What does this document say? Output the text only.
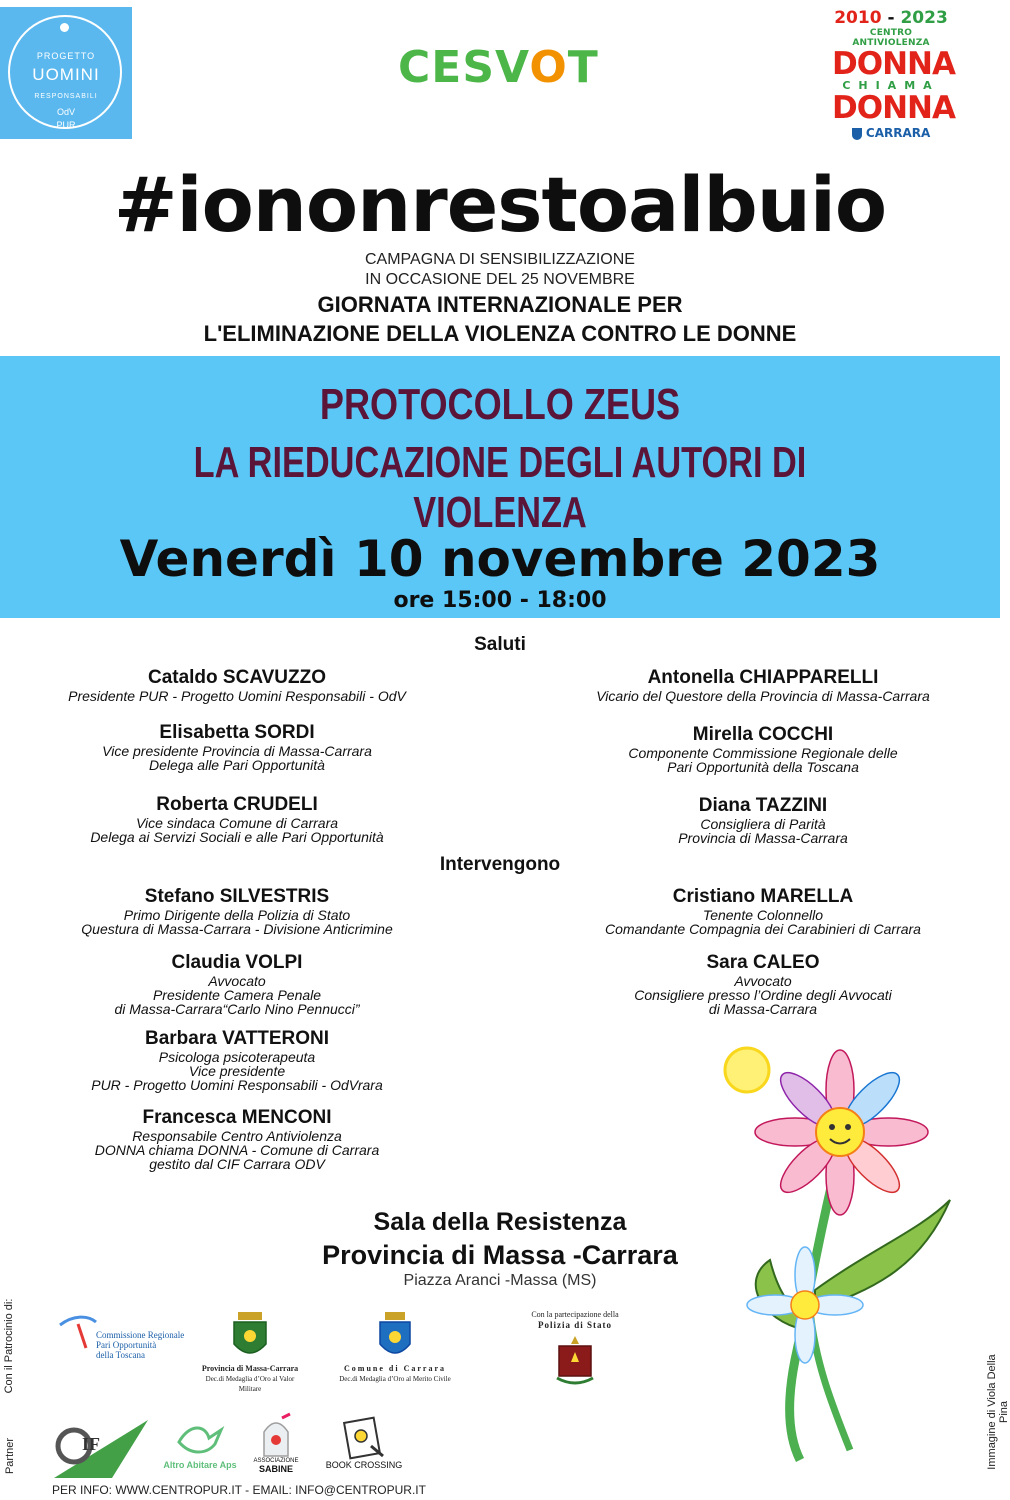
PROGETTO
UOMINI
RESPONSABILI
OdV
PUR
CESVOT
2010 - 2023
CENTRO ANTIVIOLENZA
DONNA
CHIAMA
DONNA
CARRARA
#iononrestoalbuio
CAMPAGNA DI SENSIBILIZZAZIONE
IN OCCASIONE DEL 25 NOVEMBRE
GIORNATA INTERNAZIONALE PER
L'ELIMINAZIONE DELLA VIOLENZA CONTRO LE DONNE
PROTOCOLLO ZEUS
LA RIEDUCAZIONE DEGLI AUTORI DI VIOLENZA
Venerdì 10 novembre 2023
ore 15:00 - 18:00
Saluti
Cataldo SCAVUZZO
Presidente PUR - Progetto Uomini Responsabili - OdV
Elisabetta SORDI
Vice presidente Provincia di Massa-Carrara
Delega alle Pari Opportunità
Roberta CRUDELI
Vice sindaca Comune di Carrara
Delega ai Servizi Sociali e alle Pari Opportunità
Antonella CHIAPPARELLI
Vicario del Questore della Provincia di Massa-Carrara
Mirella COCCHI
Componente Commissione Regionale delle
Pari Opportunità della Toscana
Diana TAZZINI
Consigliera di Parità
Provincia di Massa-Carrara
Intervengono
Stefano SILVESTRIS
Primo Dirigente della Polizia di Stato
Questura di Massa-Carrara - Divisione Anticrimine
Claudia VOLPI
Avvocato
Presidente Camera Penale
di Massa-Carrara“Carlo Nino Pennucci”
Barbara VATTERONI
Psicologa psicoterapeuta
Vice presidente
PUR - Progetto Uomini Responsabili - OdVrara
Francesca MENCONI
Responsabile Centro Antiviolenza
DONNA chiama DONNA - Comune di Carrara
gestito dal CIF Carrara ODV
Cristiano MARELLA
Tenente Colonnello
Comandante Compagnia dei Carabinieri di Carrara
Sara CALEO
Avvocato
Consigliere presso l’Ordine degli Avvocati
di Massa-Carrara
Sala della Resistenza
Provincia di Massa -Carrara
Piazza Aranci -Massa (MS)
Con il Patrocinio di:	Commissione Regionale
Pari Opportunità
della Toscana
Provincia di Massa-Carrara
Dec.di Medaglia d’Oro al Valor Militare
Comune di Carrara
Dec.di Medaglia d’Oro al Merito Civile
Con la partecipazione della
Polizia di Stato
Partner	IF
Altro Abitare Aps	ASSOCIAZIONE
SABINE	BOOK CROSSING	Immagine di Viola Della Pina
PER INFO: WWW.CENTROPUR.IT - EMAIL: INFO@CENTROPUR.IT
